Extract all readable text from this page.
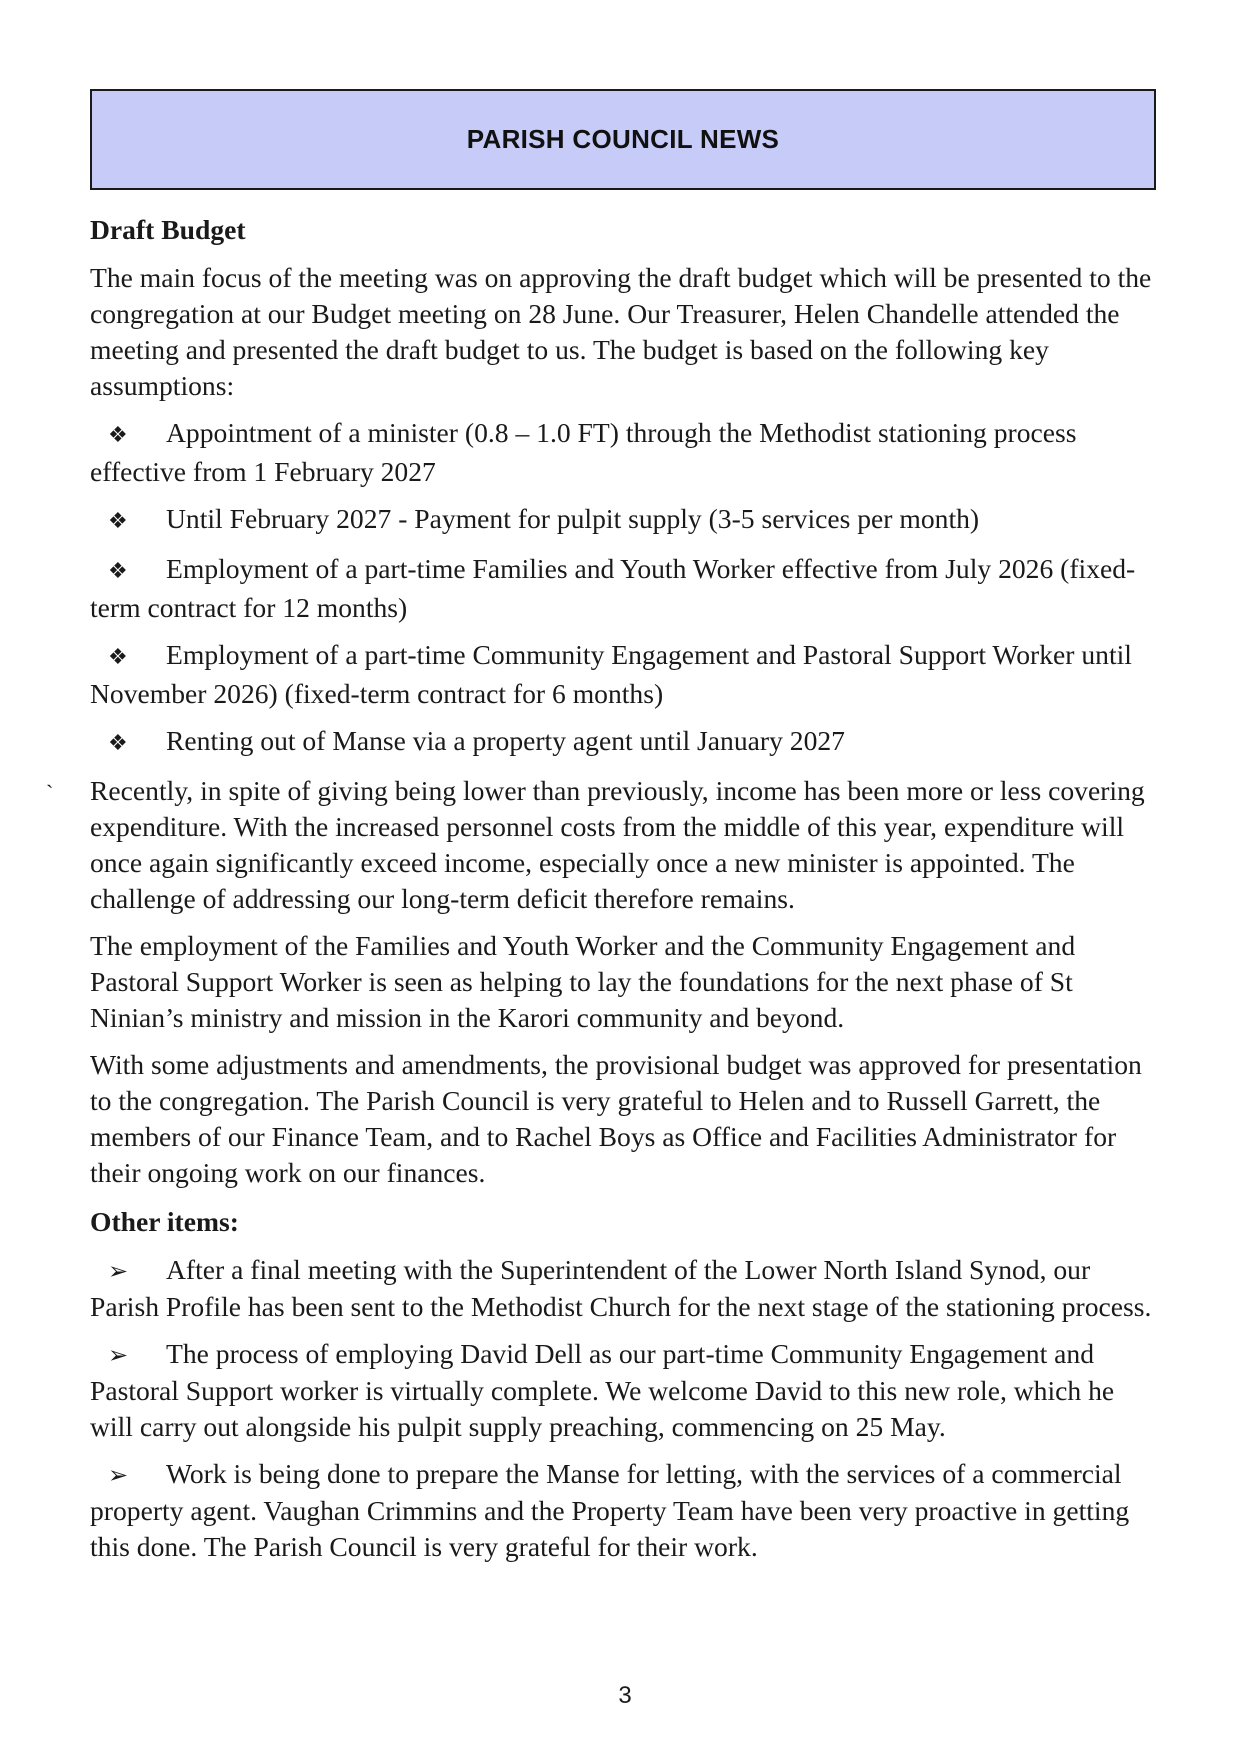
PARISH COUNCIL NEWS
Draft Budget

The main focus of the meeting was on approving the draft budget which will be presented to the congregation at our Budget meeting on 28 June. Our Treasurer, Helen Chandelle attended the meeting and presented the draft budget to us. The budget is based on the following key assumptions:

❖ Appointment of a minister (0.8 – 1.0 FT) through the Methodist stationing process effective from 1 February 2027
❖ Until February 2027 - Payment for pulpit supply (3-5 services per month)
❖ Employment of a part-time Families and Youth Worker effective from July 2026 (fixed-term contract for 12 months)
❖ Employment of a part-time Community Engagement and Pastoral Support Worker until November 2026) (fixed-term contract for 6 months)
❖ Renting out of Manse via a property agent until January 2027

` Recently, in spite of giving being lower than previously, income has been more or less covering expenditure. With the increased personnel costs from the middle of this year, expenditure will once again significantly exceed income, especially once a new minister is appointed. The challenge of addressing our long-term deficit therefore remains.

The employment of the Families and Youth Worker and the Community Engagement and Pastoral Support Worker is seen as helping to lay the foundations for the next phase of St Ninian’s ministry and mission in the Karori community and beyond.

With some adjustments and amendments, the provisional budget was approved for presentation to the congregation. The Parish Council is very grateful to Helen and to Russell Garrett, the members of our Finance Team, and to Rachel Boys as Office and Facilities Administrator for their ongoing work on our finances.

Other items:
➢ After a final meeting with the Superintendent of the Lower North Island Synod, our Parish Profile has been sent to the Methodist Church for the next stage of the stationing process.
➢ The process of employing David Dell as our part-time Community Engagement and Pastoral Support worker is virtually complete. We welcome David to this new role, which he will carry out alongside his pulpit supply preaching, commencing on 25 May.
➢ Work is being done to prepare the Manse for letting, with the services of a commercial property agent. Vaughan Crimmins and the Property Team have been very proactive in getting this done. The Parish Council is very grateful for their work.
3
